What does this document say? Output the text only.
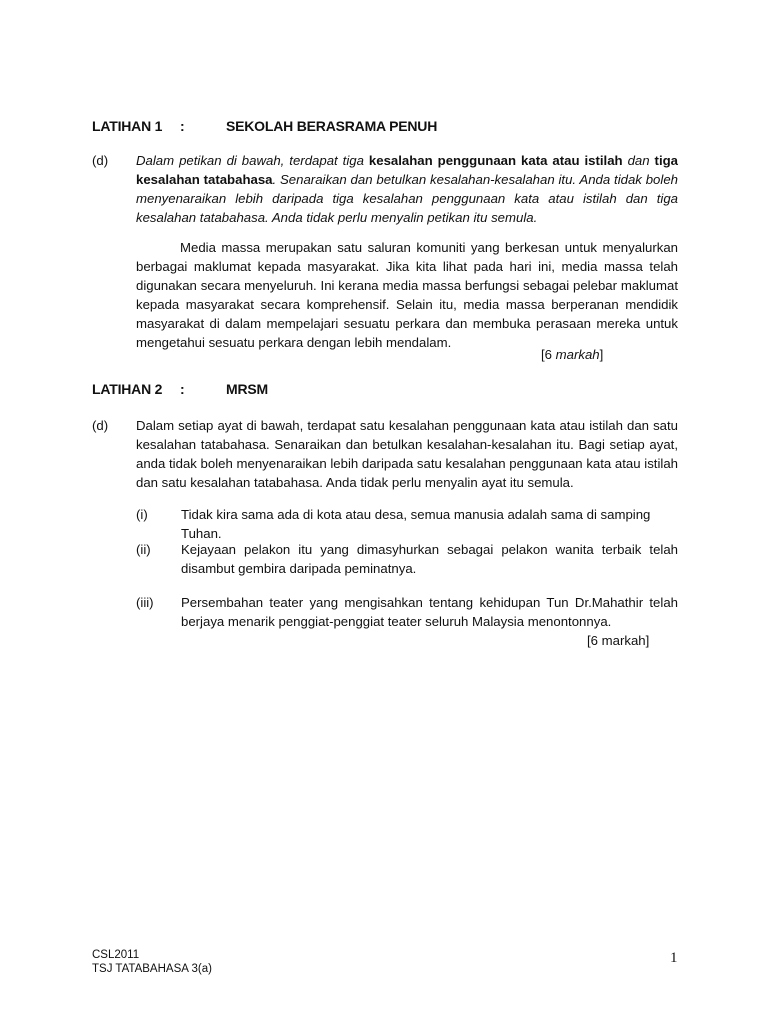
LATIHAN 1 :	SEKOLAH BERASRAMA PENUH
(d) Dalam petikan di bawah, terdapat tiga kesalahan penggunaan kata atau istilah dan tiga kesalahan tatabahasa. Senaraikan dan betulkan kesalahan-kesalahan itu. Anda tidak boleh menyenaraikan lebih daripada tiga kesalahan penggunaan kata atau istilah dan tiga kesalahan tatabahasa. Anda tidak perlu menyalin petikan itu semula.
Media massa merupakan satu saluran komuniti yang berkesan untuk menyalurkan berbagai maklumat kepada masyarakat. Jika kita lihat pada hari ini, media massa telah digunakan secara menyeluruh. Ini kerana media massa berfungsi sebagai pelebar maklumat kepada masyarakat secara komprehensif. Selain itu, media massa berperanan mendidik masyarakat di dalam mempelajari sesuatu perkara dan membuka perasaan mereka untuk mengetahui sesuatu perkara dengan lebih mendalam.
[6 markah]
LATIHAN 2 :	MRSM
(d) Dalam setiap ayat di bawah, terdapat satu kesalahan penggunaan kata atau istilah dan satu kesalahan tatabahasa. Senaraikan dan betulkan kesalahan-kesalahan itu. Bagi setiap ayat, anda tidak boleh menyenaraikan lebih daripada satu kesalahan penggunaan kata atau istilah dan satu kesalahan tatabahasa. Anda tidak perlu menyalin ayat itu semula.
(i)	Tidak kira sama ada di kota atau desa, semua manusia adalah sama di samping Tuhan.
(ii) Kejayaan pelakon itu yang dimasyhurkan sebagai pelakon wanita terbaik telah disambut gembira daripada peminatnya.
(iii) Persembahan teater yang mengisahkan tentang kehidupan Tun Dr.Mahathir telah berjaya menarik penggiat-penggiat teater seluruh Malaysia menontonnya.
[6 markah]
CSL2011
TSJ TATABAHASA 3(a)
1
